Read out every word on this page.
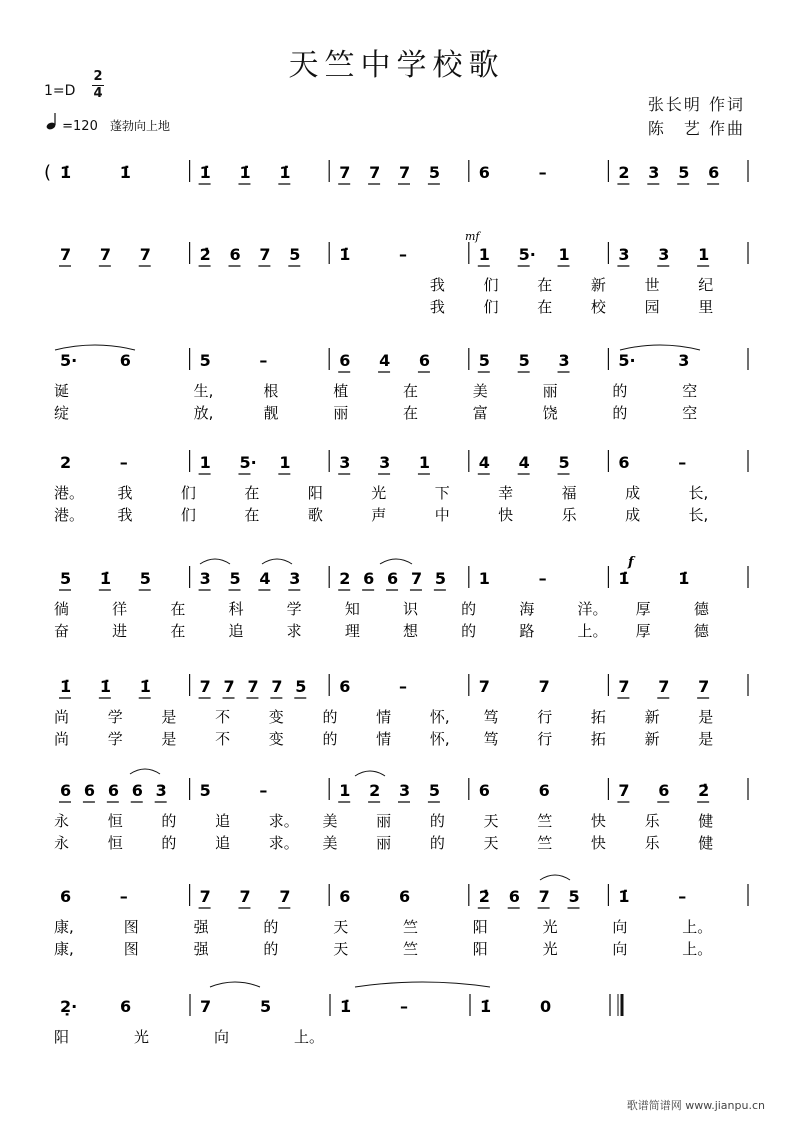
天竺中学校歌
1=D
2
4
=120 蓬勃向上地
张长明 作词
陈　艺 作曲
( 1̇	1̇	1̇ 1̇ 1̇	7 7 7 5 6	–	2 3 5 6
7 7 7	2̇ 6 7 5 1̇	–	1 5· 1	3 3 1
我	们	在	新	世	纪
我	们	在	校	园	里
5·	6	5	–	6 4 6	5 5 3	5·	3
诞	生,	根	植	在	美	丽	的	空
绽	放,	靓	丽	在	富	饶	的	空
2	–	1 5· 1	3 3 1	4 4 5	6	–
港。 我	们	在	阳	光	下	幸	福	成	长,
港。 我	们	在	歌	声	中	快	乐	成	长,
5 1̇ 5	3 5 4 3 2 6 6 7 5 1	–	1̇	1̇
徜	徉	在	科	学	知	识	的	海	洋。 厚	德
奋	进	在	追	求	理	想	的	路	上。 厚	德
1̇ 1̇ 1̇	7 7 7 7 5 6	–	7	7	7 7 7
尚	学	是	不	变	的	情	怀, 笃	行	拓	新	是
尚	学	是	不	变	的	情	怀, 笃	行	拓	新	是
6 6 6 6 3 5	–	1 2 3 5 6	6	7 6 2̇
永	恒	的	追	求。 美	丽	的	天	竺	快	乐	健
永	恒	的	追	求。 美	丽	的	天	竺	快	乐	健
6	–	7 7 7	6	6	2̇ 6 7 5 1̇	–
康,	图	强	的	天	竺	阳	光	向	上。
康,	图	强	的	天	竺	阳	光	向	上。
2̣·	6	7	5	1̇	–	1̇	0
阳	光	向	上。
mf
f
歌谱简谱网 www.jianpu.cn
